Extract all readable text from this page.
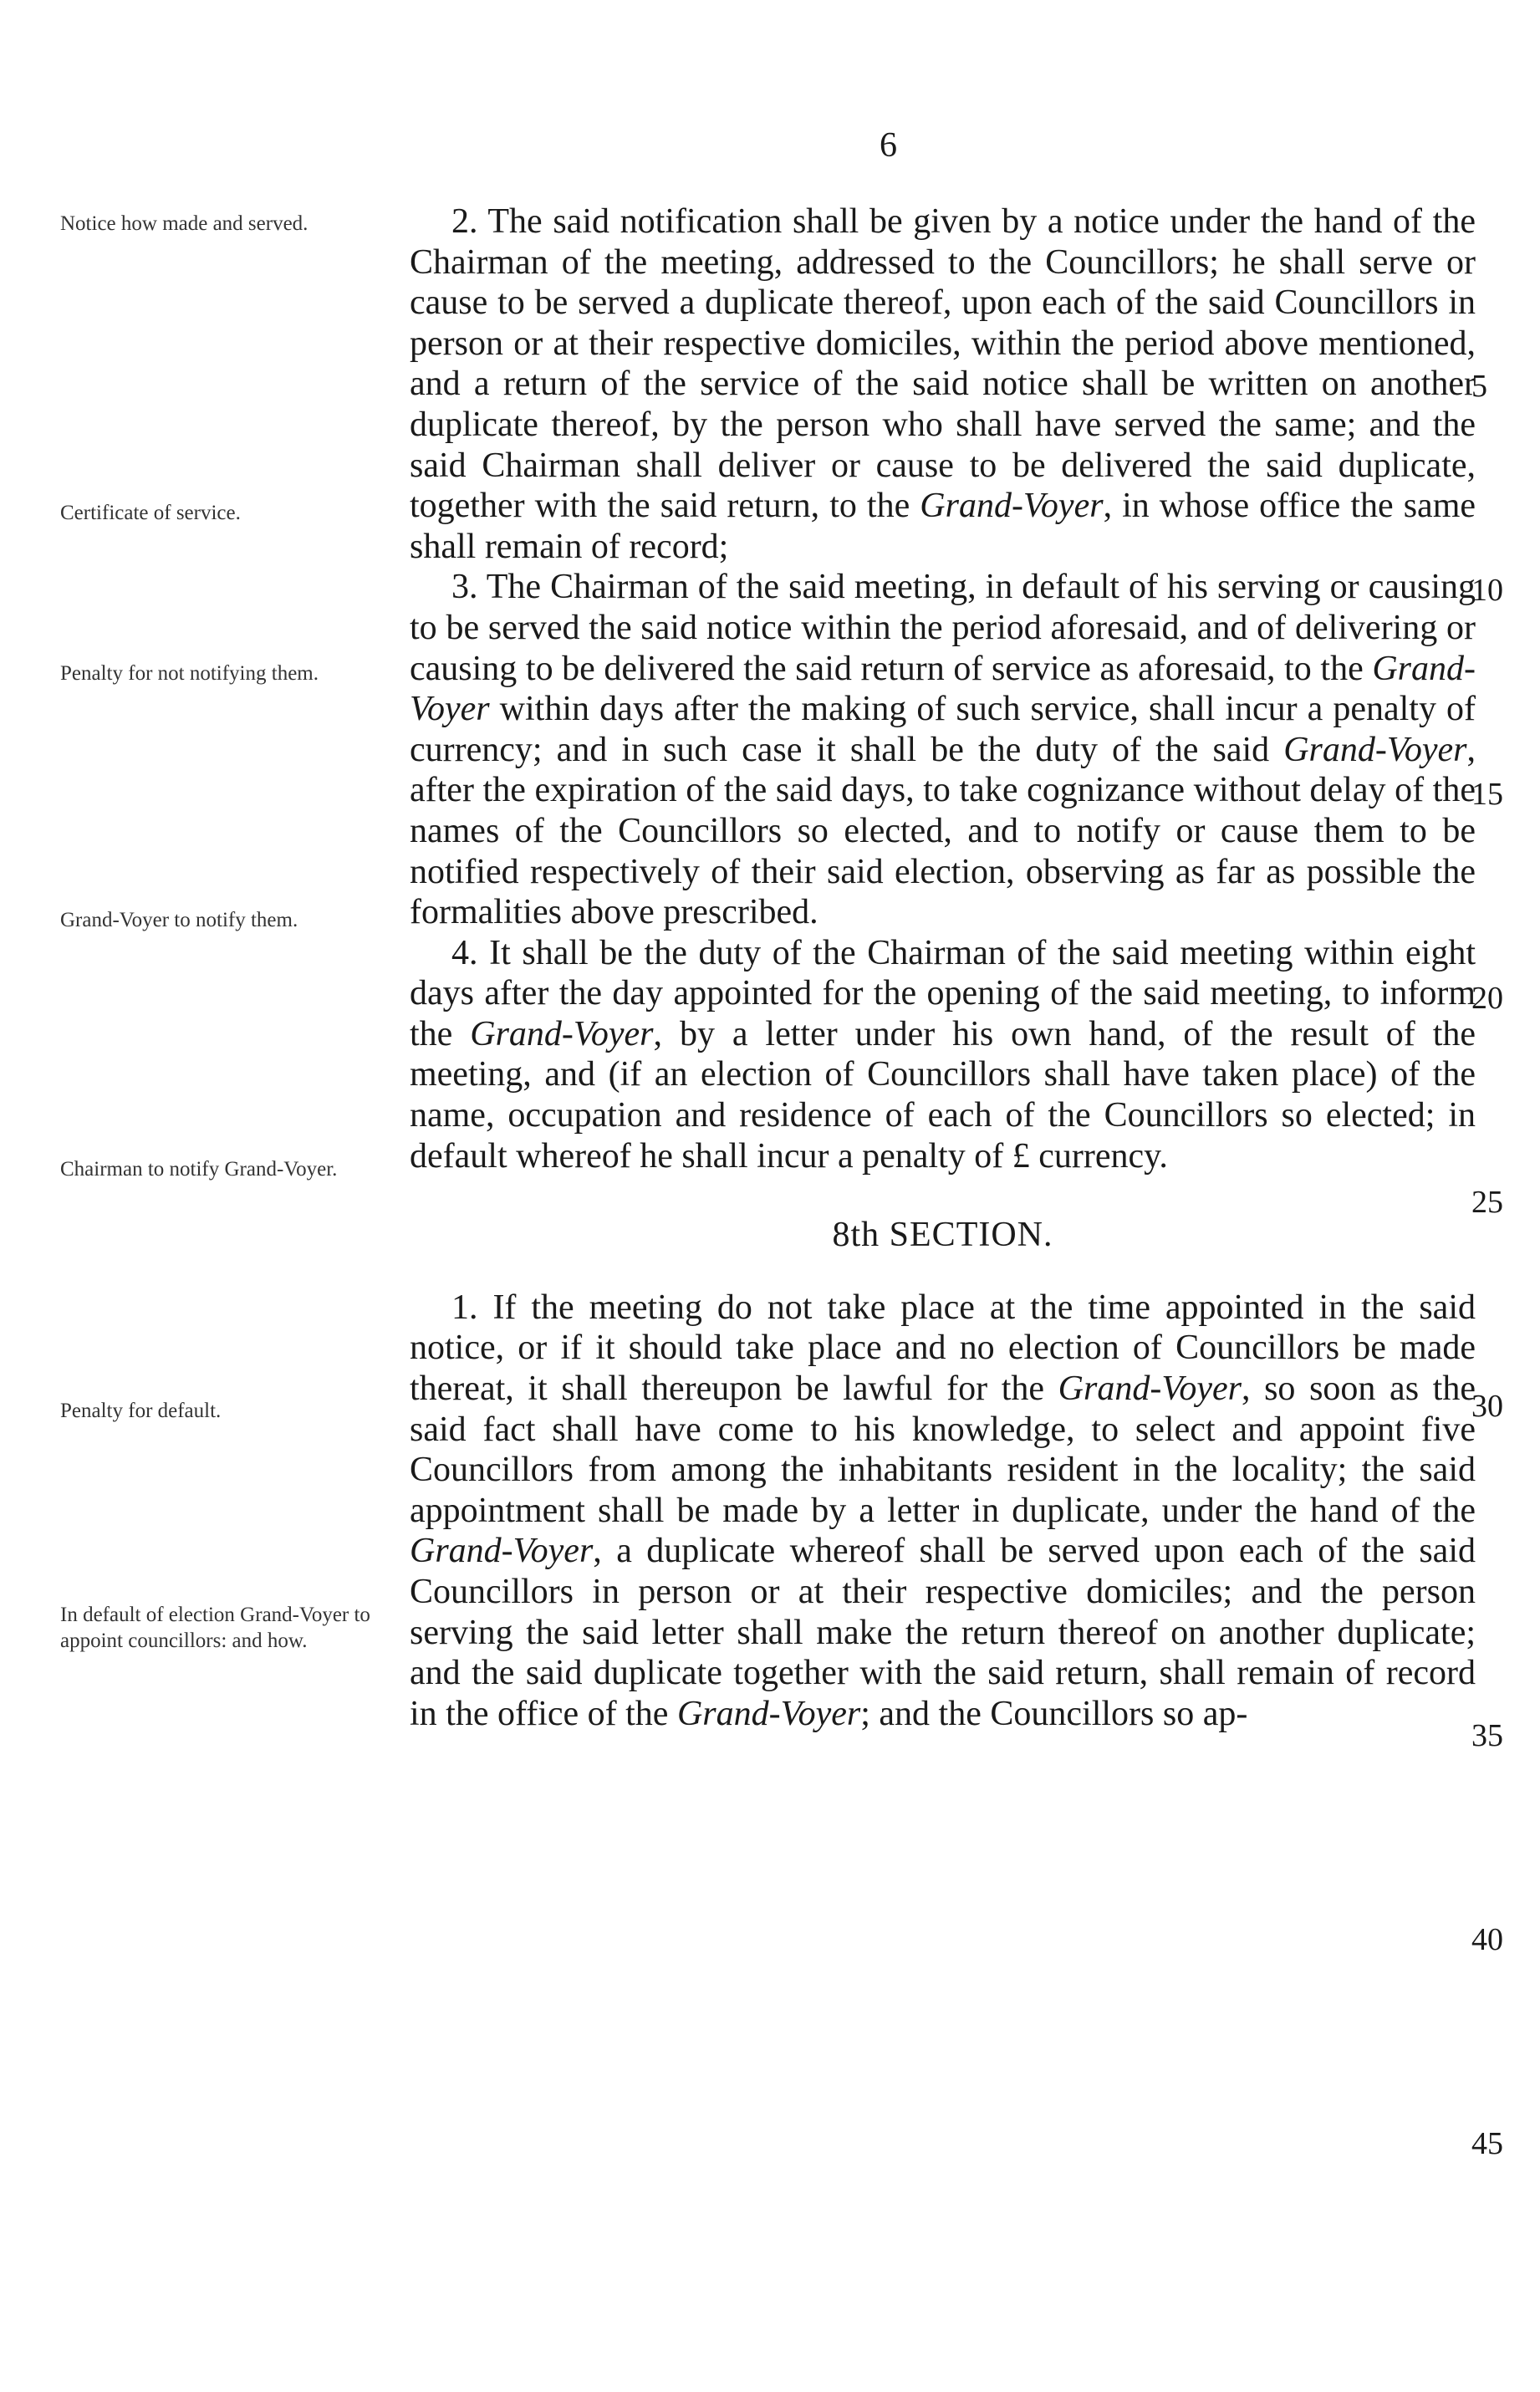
6
Notice how made and served.
Certificate of service.
Penalty for not notifying them.
Grand-Voyer to notify them.
Chairman to notify Grand-Voyer.
Penalty for default.
In default of election Grand-Voyer to appoint councillors: and how.
5
10
15
20
25
30
35
40
45

2. The said notification shall be given by a notice under the hand of the Chairman of the meeting, addressed to the Councillors; he shall serve or cause to be served a duplicate thereof, upon each of the said Councillors in person or at their respective domiciles, within the period above mentioned, and a return of the service of the said notice shall be written on another duplicate thereof, by the person who shall have served the same; and the said Chairman shall deliver or cause to be delivered the said duplicate, together with the said return, to the Grand-Voyer, in whose office the same shall remain of record;

3. The Chairman of the said meeting, in default of his serving or causing to be served the said notice within the period aforesaid, and of delivering or causing to be delivered the said return of service as aforesaid, to the Grand-Voyer within days after the making of such service, shall incur a penalty of currency; and in such case it shall be the duty of the said Grand-Voyer, after the expiration of the said days, to take cognizance without delay of the names of the Councillors so elected, and to notify or cause them to be notified respectively of their said election, observing as far as possible the formalities above prescribed.

4. It shall be the duty of the Chairman of the said meeting within eight days after the day appointed for the opening of the said meeting, to inform the Grand-Voyer, by a letter under his own hand, of the result of the meeting, and (if an election of Councillors shall have taken place) of the name, occupation and residence of each of the Councillors so elected; in default whereof he shall incur a penalty of £ currency.

8th SECTION.

1. If the meeting do not take place at the time appointed in the said notice, or if it should take place and no election of Councillors be made thereat, it shall thereupon be lawful for the Grand-Voyer, so soon as the said fact shall have come to his knowledge, to select and appoint five Councillors from among the inhabitants resident in the locality; the said appointment shall be made by a letter in duplicate, under the hand of the Grand-Voyer, a duplicate whereof shall be served upon each of the said Councillors in person or at their respective domiciles; and the person serving the said letter shall make the return thereof on another duplicate; and the said duplicate together with the said return, shall remain of record in the office of the Grand-Voyer; and the Councillors so ap-
